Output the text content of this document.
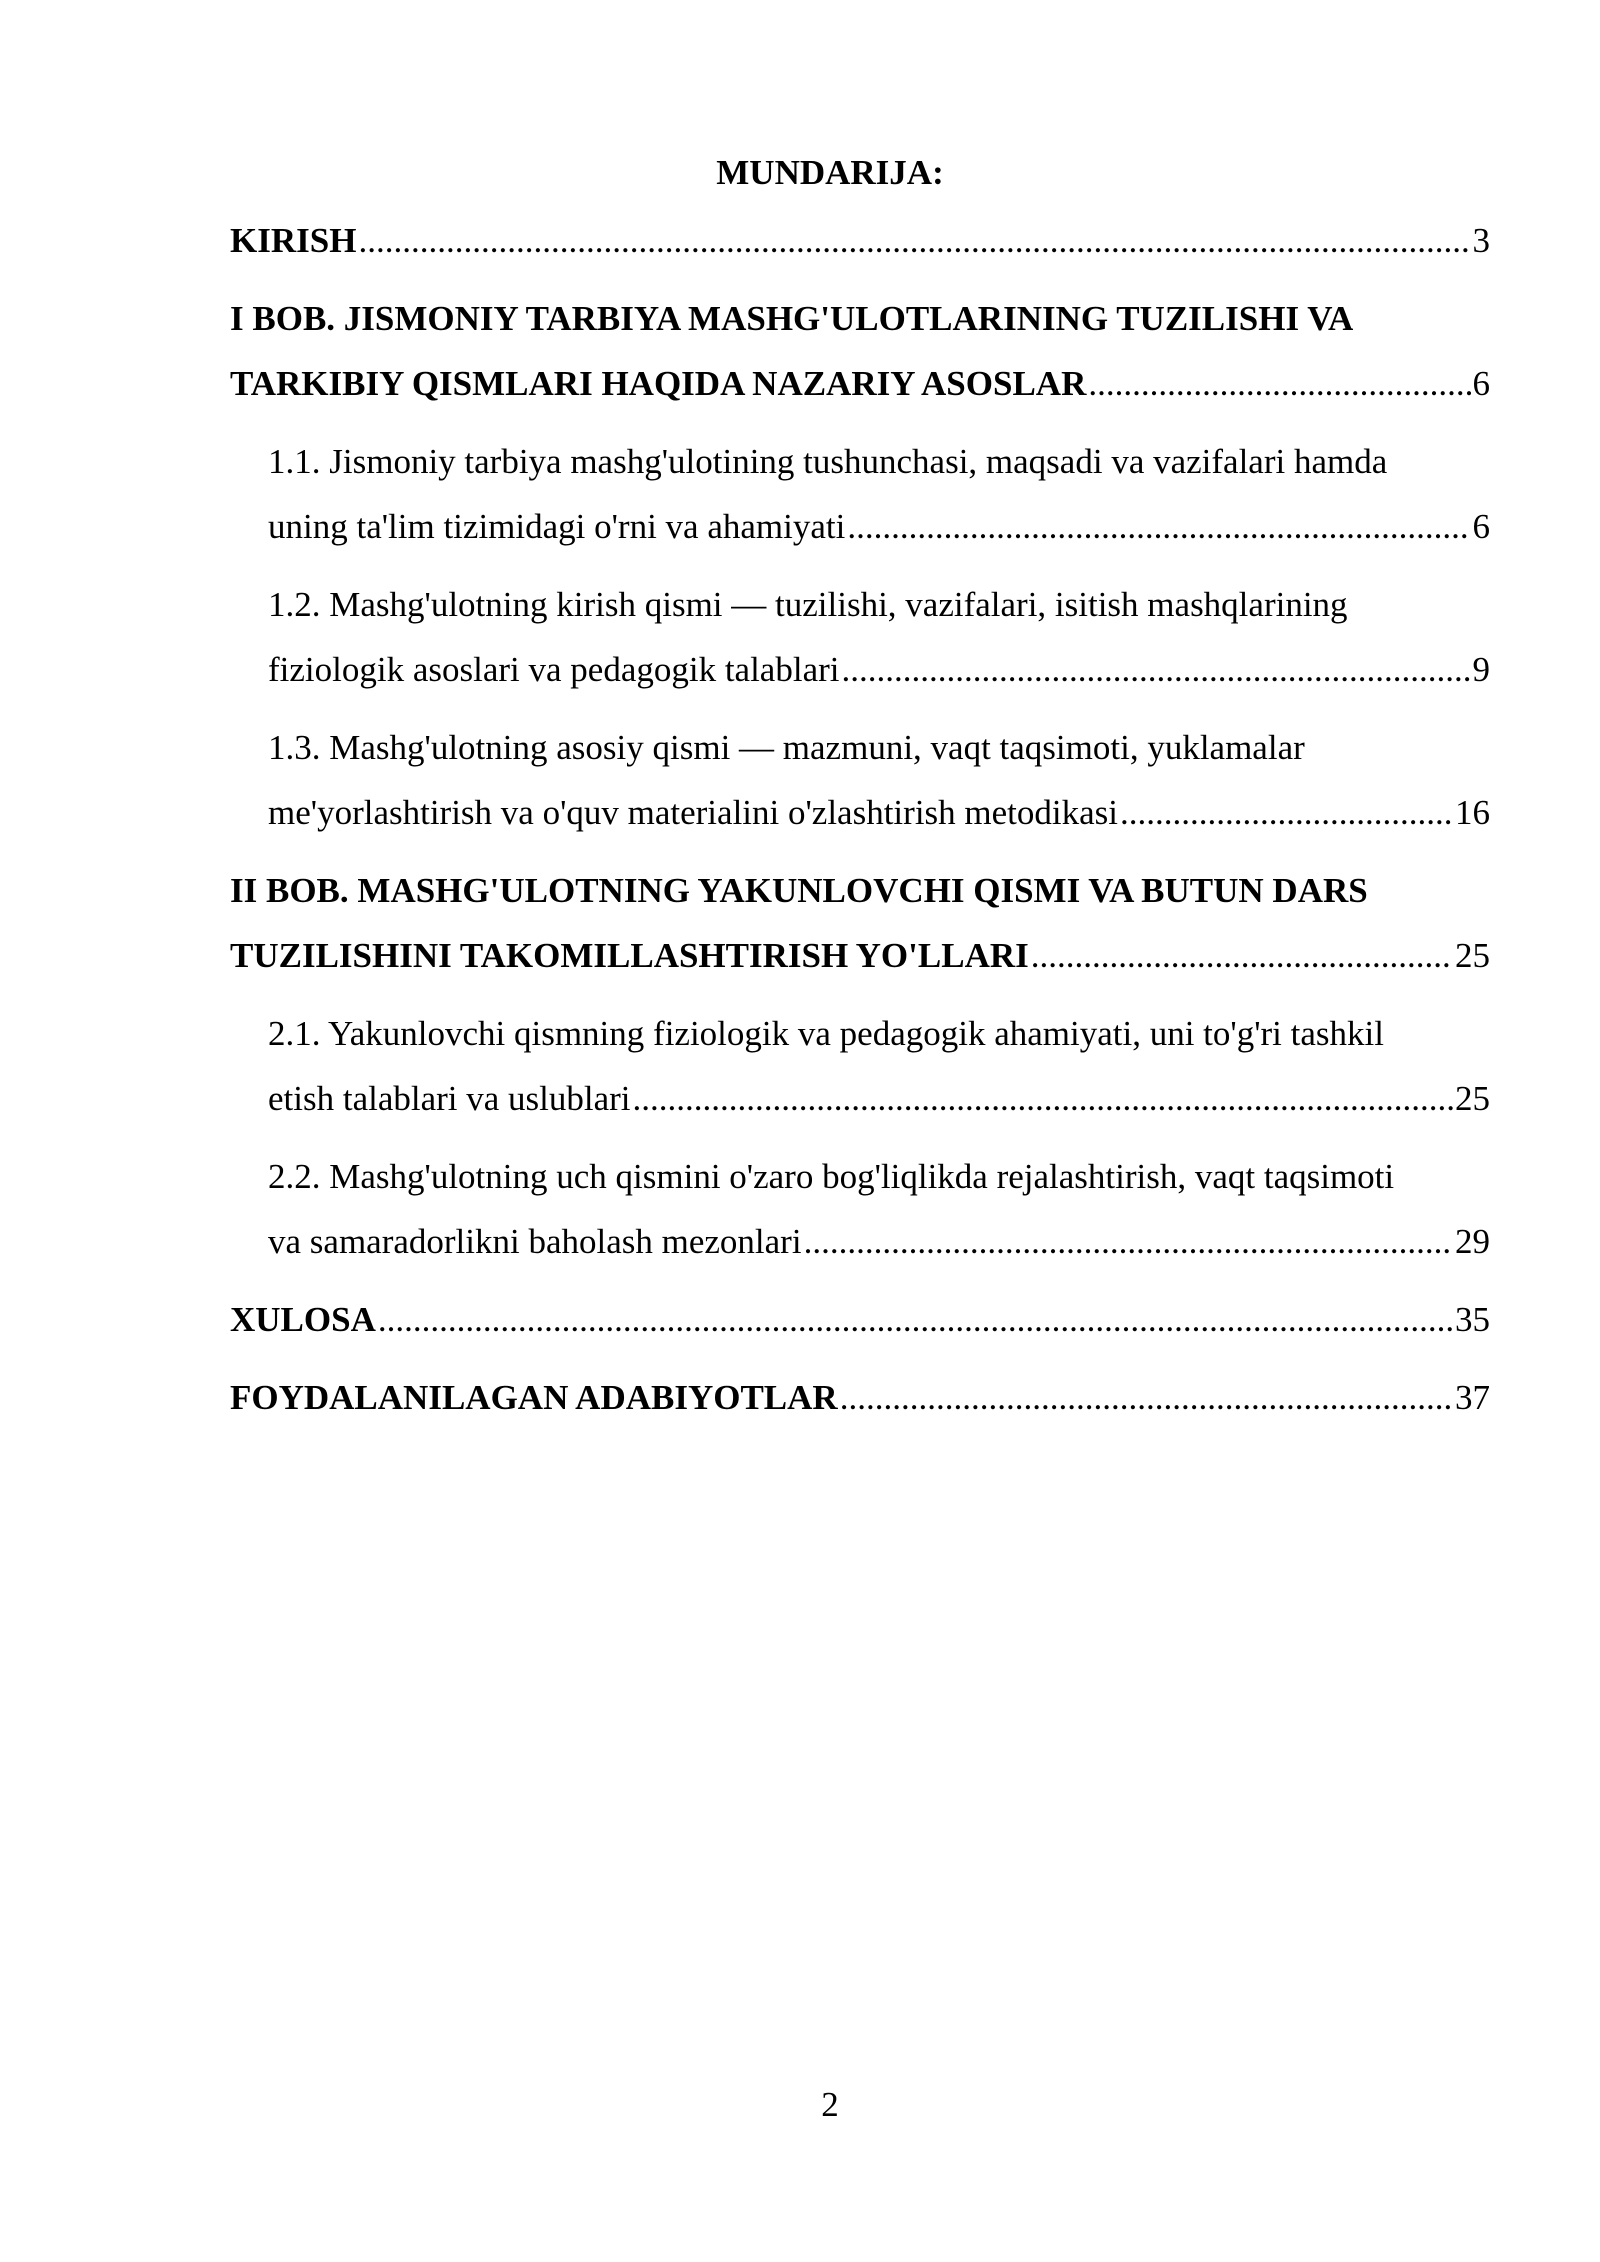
MUNDARIJA:
KIRISH .....	3
I BOB. JISMONIY TARBIYA MASHG'ULOTLARINING TUZILISHI VA
TARKIBIY QISMLARI HAQIDA NAZARIY ASOSLAR .....	6
1.1. Jismoniy tarbiya mashg'ulotining tushunchasi, maqsadi va vazifalari hamda
uning ta'lim tizimidagi o'rni va ahamiyati .....	6
1.2. Mashg'ulotning kirish qismi — tuzilishi, vazifalari, isitish mashqlarining
fiziologik asoslari va pedagogik talablari .....	9
1.3. Mashg'ulotning asosiy qismi — mazmuni, vaqt taqsimoti, yuklamalar
me'yorlashtirish va o'quv materialini o'zlashtirish metodikasi .....	16
II BOB. MASHG'ULOTNING YAKUNLOVCHI QISMI VA BUTUN DARS
TUZILISHINI TAKOMILLASHTIRISH YO'LLARI .....	25
2.1. Yakunlovchi qismning fiziologik va pedagogik ahamiyati, uni to'g'ri tashkil
etish talablari va uslublari .....	25
2.2. Mashg'ulotning uch qismini o'zaro bog'liqlikda rejalashtirish, vaqt taqsimoti
va samaradorlikni baholash mezonlari .....	29
XULOSA .....	35
FOYDALANILAGAN ADABIYOTLAR .....	37
2
